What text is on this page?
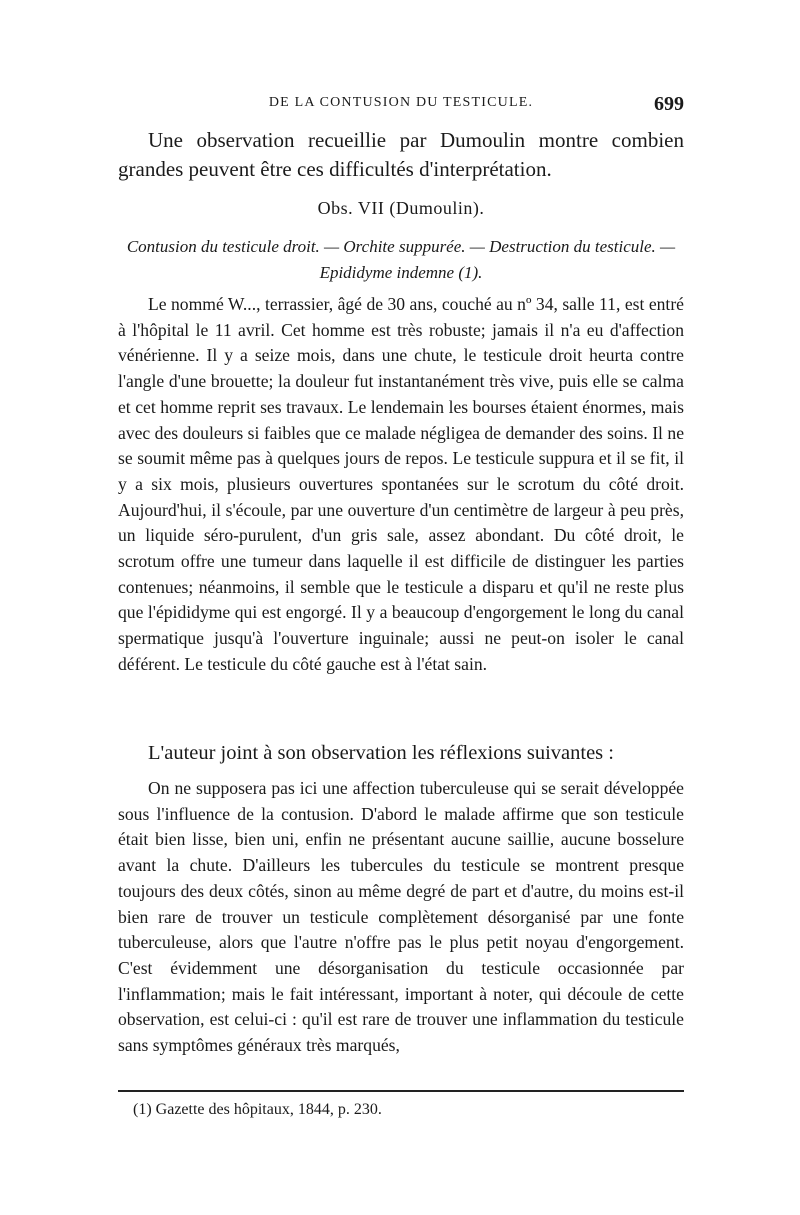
DE LA CONTUSION DU TESTICULE.	699
Une observation recueillie par Dumoulin montre combien grandes peuvent être ces difficultés d'interprétation.
Obs. VII (Dumoulin).
Contusion du testicule droit. — Orchite suppurée. — Destruction du testicule. — Epididyme indemne (1).
Le nommé W..., terrassier, âgé de 30 ans, couché au nº 34, salle 11, est entré à l'hôpital le 11 avril. Cet homme est très robuste; jamais il n'a eu d'affection vénérienne. Il y a seize mois, dans une chute, le testicule droit heurta contre l'angle d'une brouette; la douleur fut instantanément très vive, puis elle se calma et cet homme reprit ses travaux. Le lendemain les bourses étaient énormes, mais avec des douleurs si faibles que ce malade négligea de demander des soins. Il ne se soumit même pas à quelques jours de repos. Le testicule suppura et il se fit, il y a six mois, plusieurs ouvertures spontanées sur le scrotum du côté droit. Aujourd'hui, il s'écoule, par une ouverture d'un centimètre de largeur à peu près, un liquide séro-purulent, d'un gris sale, assez abondant. Du côté droit, le scrotum offre une tumeur dans laquelle il est difficile de distinguer les parties contenues; néanmoins, il semble que le testicule a disparu et qu'il ne reste plus que l'épididyme qui est engorgé. Il y a beaucoup d'engorgement le long du canal spermatique jusqu'à l'ouverture inguinale; aussi ne peut-on isoler le canal déférent. Le testicule du côté gauche est à l'état sain.
L'auteur joint à son observation les réflexions suivantes :
On ne supposera pas ici une affection tuberculeuse qui se serait développée sous l'influence de la contusion. D'abord le malade affirme que son testicule était bien lisse, bien uni, enfin ne présentant aucune saillie, aucune bosselure avant la chute. D'ailleurs les tubercules du testicule se montrent presque toujours des deux côtés, sinon au même degré de part et d'autre, du moins est-il bien rare de trouver un testicule complètement désorganisé par une fonte tuberculeuse, alors que l'autre n'offre pas le plus petit noyau d'engorgement. C'est évidemment une désorganisation du testicule occasionnée par l'inflammation; mais le fait intéressant, important à noter, qui découle de cette observation, est celui-ci : qu'il est rare de trouver une inflammation du testicule sans symptômes généraux très marqués,
(1) Gazette des hôpitaux, 1844, p. 230.
